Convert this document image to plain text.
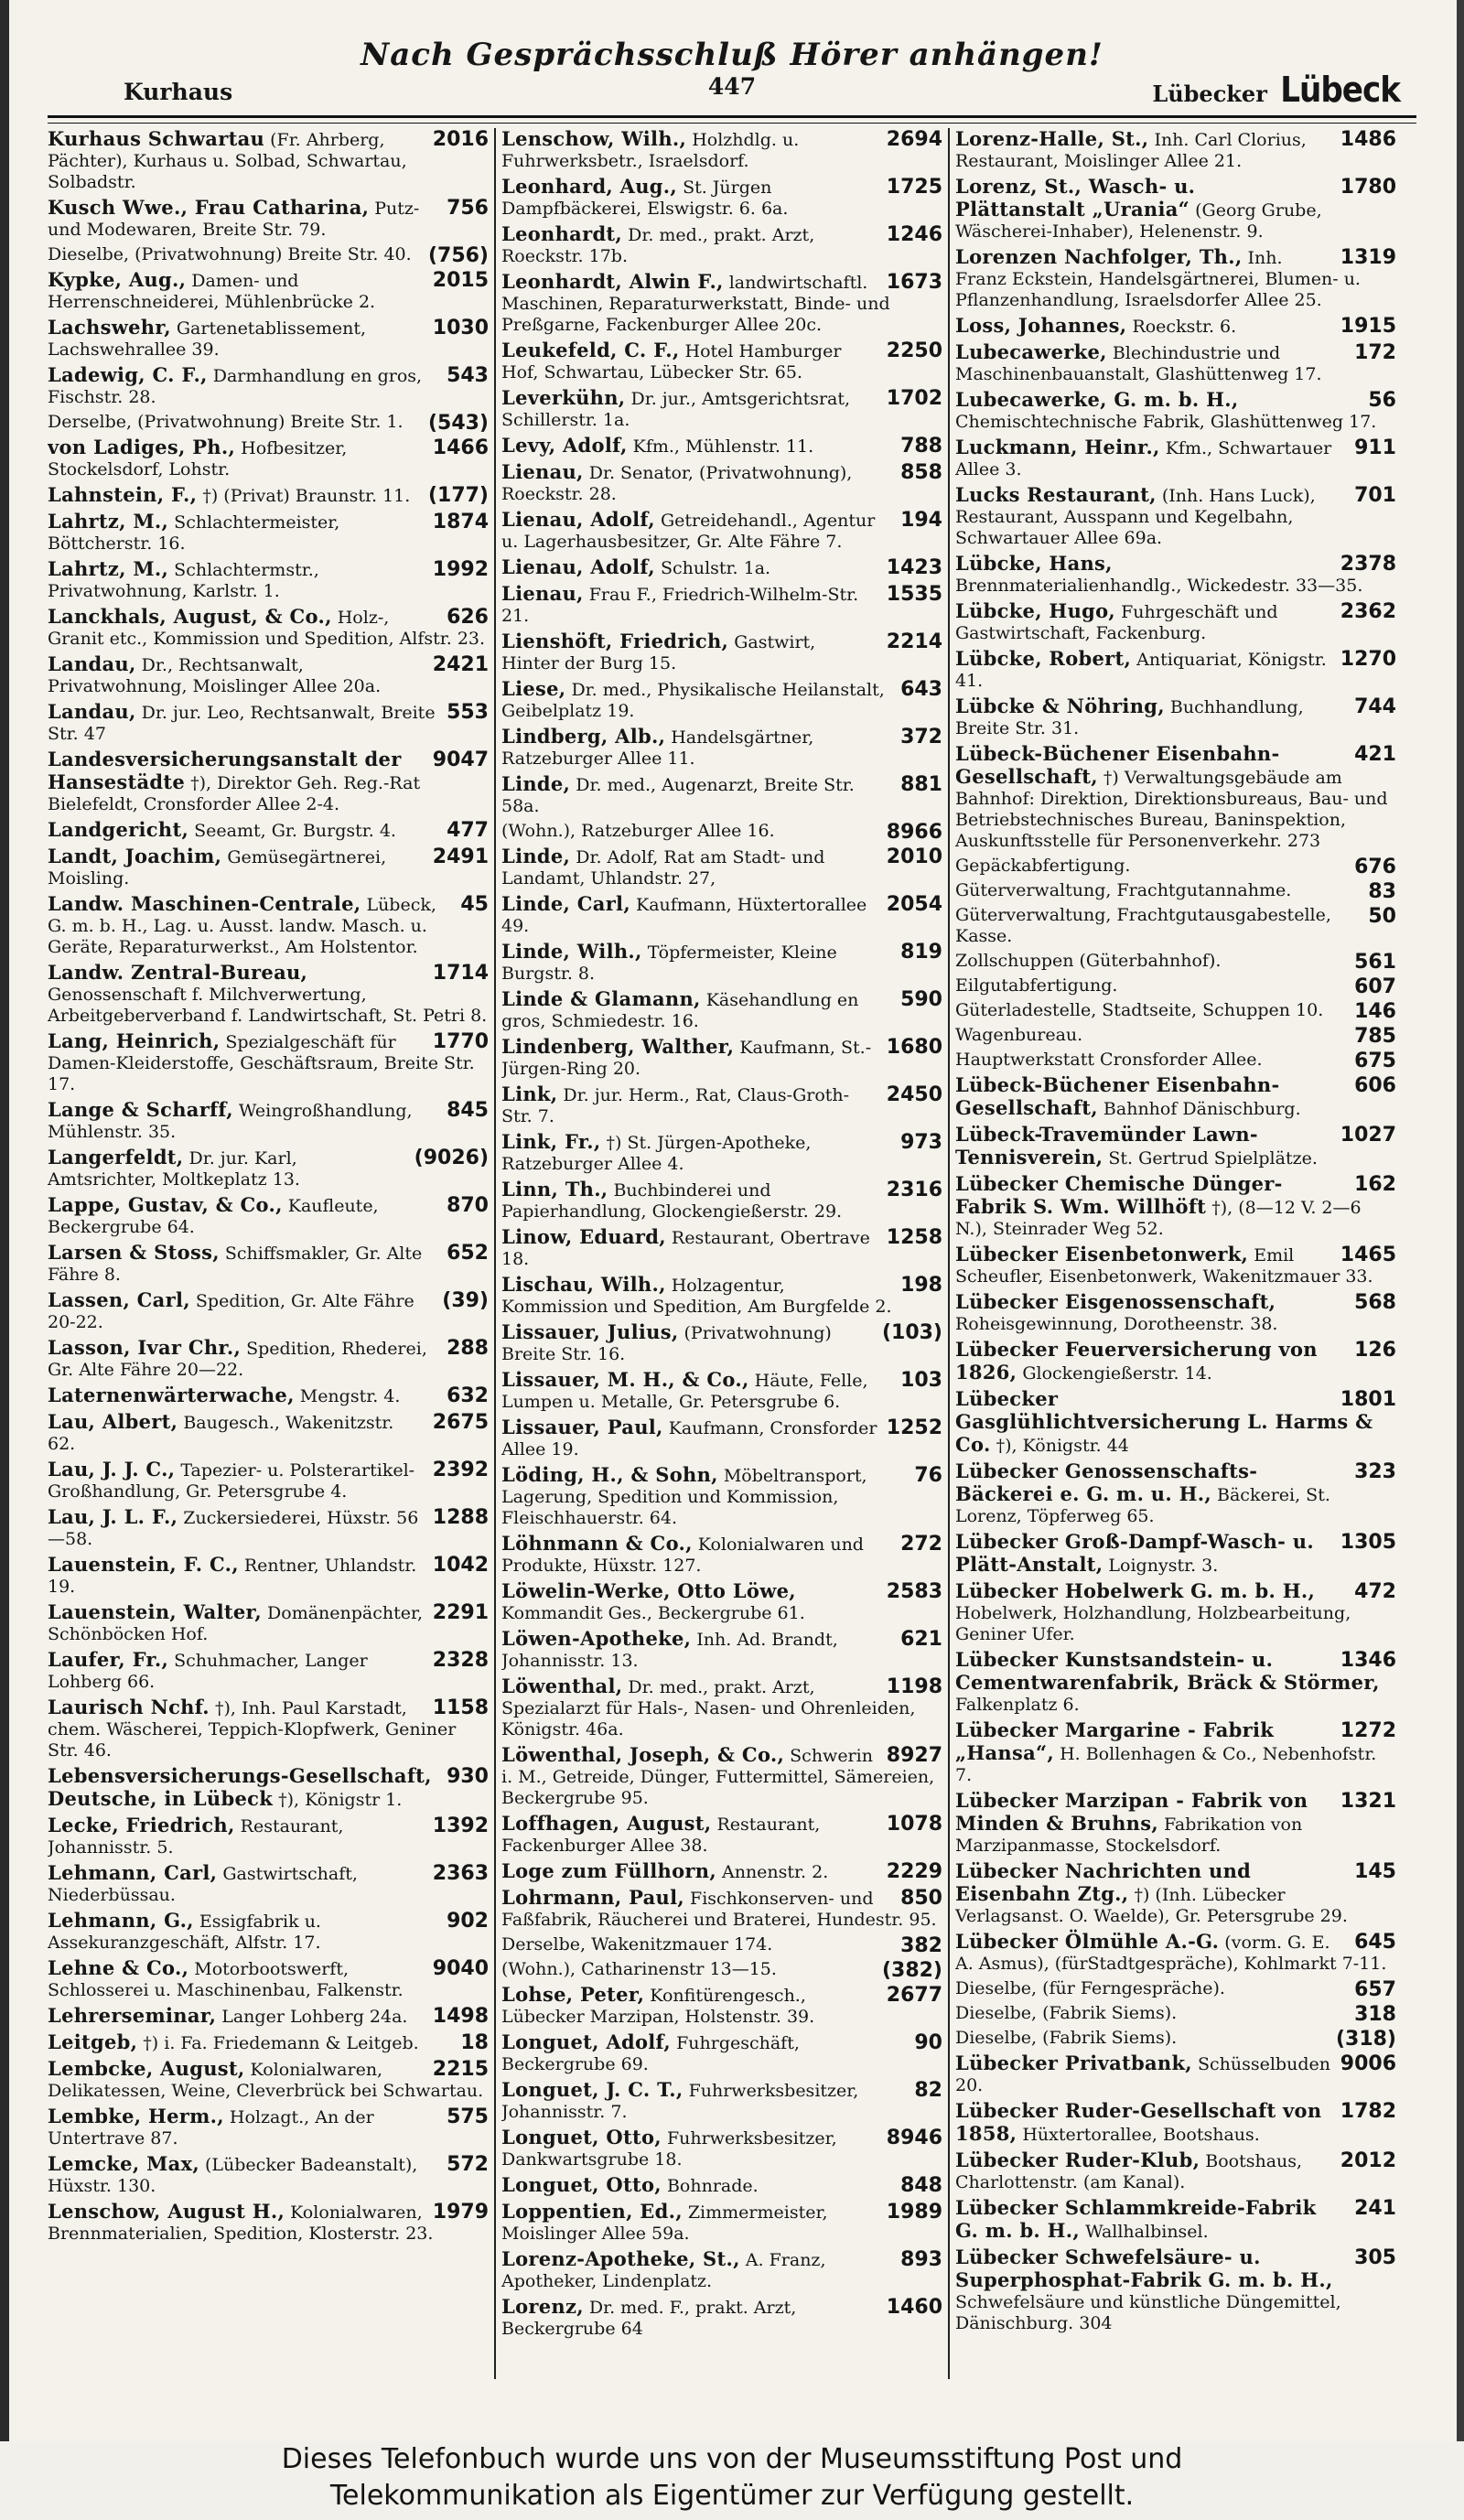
Nach Gesprächsschluß Hörer anhängen!
Kurhaus	447	Lübecker Lübeck
2016
Kurhaus Schwartau (Fr. Ahrberg, Pächter), Kurhaus u. Solbad, Schwartau, Solbadstr.
756
Kusch Wwe., Frau Catharina, Putz- und Modewaren, Breite Str. 79.
(756)
Dieselbe, (Privatwohnung) Breite Str. 40.
2015
Kypke, Aug., Damen- und Herrenschneiderei, Mühlenbrücke 2.
1030
Lachswehr, Gartenetablissement, Lachswehrallee 39.
543
Ladewig, C. F., Darmhandlung en gros, Fischstr. 28.
(543)
Derselbe, (Privatwohnung) Breite Str. 1.
1466
von Ladiges, Ph., Hofbesitzer, Stockelsdorf, Lohstr.
(177)
Lahnstein, F., †) (Privat) Braunstr. 11.
1874
Lahrtz, M., Schlachtermeister, Böttcherstr. 16.
1992
Lahrtz, M., Schlachtermstr., Privatwohnung, Karlstr. 1.
626
Lanckhals, August, & Co., Holz-, Granit etc., Kommission und Spedition, Alfstr. 23.
2421
Landau, Dr., Rechtsanwalt, Privatwohnung, Moislinger Allee 20a.
553
Landau, Dr. jur. Leo, Rechtsanwalt, Breite Str. 47
9047
Landesversicherungsanstalt der Hansestädte †), Direktor Geh. Reg.-Rat Bielefeldt, Cronsforder Allee 2-4.
477
Landgericht, Seeamt, Gr. Burgstr. 4.
2491
Landt, Joachim, Gemüsegärtnerei, Moisling.
45
Landw. Maschinen-Centrale, Lübeck, G. m. b. H., Lag. u. Ausst. landw. Masch. u. Geräte, Reparaturwerkst., Am Holstentor.
1714
Landw. Zentral-Bureau, Genossenschaft f. Milchverwertung, Arbeitgeberverband f. Landwirtschaft, St. Petri 8.
1770
Lang, Heinrich, Spezialgeschäft für Damen-Kleiderstoffe, Geschäftsraum, Breite Str. 17.
845
Lange & Scharff, Weingroßhandlung, Mühlenstr. 35.
(9026)
Langerfeldt, Dr. jur. Karl, Amtsrichter, Moltkeplatz 13.
870
Lappe, Gustav, & Co., Kaufleute, Beckergrube 64.
652
Larsen & Stoss, Schiffsmakler, Gr. Alte Fähre 8.
(39)
Lassen, Carl, Spedition, Gr. Alte Fähre 20-22.
288
Lasson, Ivar Chr., Spedition, Rhederei, Gr. Alte Fähre 20—22.
632
Laternenwärterwache, Mengstr. 4.
2675
Lau, Albert, Baugesch., Wakenitzstr. 62.
2392
Lau, J. J. C., Tapezier- u. Polsterartikel-Großhandlung, Gr. Petersgrube 4.
1288
Lau, J. L. F., Zuckersiederei, Hüxstr. 56—58.
1042
Lauenstein, F. C., Rentner, Uhlandstr. 19.
2291
Lauenstein, Walter, Domänenpächter, Schönböcken Hof.
2328
Laufer, Fr., Schuhmacher, Langer Lohberg 66.
1158
Laurisch Nchf. †), Inh. Paul Karstadt, chem. Wäscherei, Teppich-Klopfwerk, Geniner Str. 46.
930
Lebensversicherungs-Gesellschaft, Deutsche, in Lübeck †), Königstr 1.
1392
Lecke, Friedrich, Restaurant, Johannisstr. 5.
2363
Lehmann, Carl, Gastwirtschaft, Niederbüssau.
902
Lehmann, G., Essigfabrik u. Assekuranzgeschäft, Alfstr. 17.
9040
Lehne & Co., Motorbootswerft, Schlosserei u. Maschinenbau, Falkenstr.
1498
Lehrerseminar, Langer Lohberg 24a.
18
Leitgeb, †) i. Fa. Friedemann & Leitgeb.
2215
Lembcke, August, Kolonialwaren, Delikatessen, Weine, Cleverbrück bei Schwartau.
575
Lembke, Herm., Holzagt., An der Untertrave 87.
572
Lemcke, Max, (Lübecker Badeanstalt), Hüxstr. 130.
1979
Lenschow, August H., Kolonialwaren, Brennmaterialien, Spedition, Klosterstr. 23.
2694
Lenschow, Wilh., Holzhdlg. u. Fuhrwerksbetr., Israelsdorf.
1725
Leonhard, Aug., St. Jürgen Dampfbäckerei, Elswigstr. 6. 6a.
1246
Leonhardt, Dr. med., prakt. Arzt, Roeckstr. 17b.
1673
Leonhardt, Alwin F., landwirtschaftl. Maschinen, Reparaturwerkstatt, Binde- und Preßgarne, Fackenburger Allee 20c.
2250
Leukefeld, C. F., Hotel Hamburger Hof, Schwartau, Lübecker Str. 65.
1702
Leverkühn, Dr. jur., Amtsgerichtsrat, Schillerstr. 1a.
788
Levy, Adolf, Kfm., Mühlenstr. 11.
858
Lienau, Dr. Senator, (Privatwohnung), Roeckstr. 28.
194
Lienau, Adolf, Getreidehandl., Agentur u. Lagerhausbesitzer, Gr. Alte Fähre 7.
1423
Lienau, Adolf, Schulstr. 1a.
1535
Lienau, Frau F., Friedrich-Wilhelm-Str. 21.
2214
Lienshöft, Friedrich, Gastwirt, Hinter der Burg 15.
643
Liese, Dr. med., Physikalische Heilanstalt, Geibelplatz 19.
372
Lindberg, Alb., Handelsgärtner, Ratzeburger Allee 11.
881
Linde, Dr. med., Augenarzt, Breite Str. 58a.
8966
(Wohn.), Ratzeburger Allee 16.
2010
Linde, Dr. Adolf, Rat am Stadt- und Landamt, Uhlandstr. 27,
2054
Linde, Carl, Kaufmann, Hüxtertorallee 49.
819
Linde, Wilh., Töpfermeister, Kleine Burgstr. 8.
590
Linde & Glamann, Käsehandlung en gros, Schmiedestr. 16.
1680
Lindenberg, Walther, Kaufmann, St.-Jürgen-Ring 20.
2450
Link, Dr. jur. Herm., Rat, Claus-Groth-Str. 7.
973
Link, Fr., †) St. Jürgen-Apotheke, Ratzeburger Allee 4.
2316
Linn, Th., Buchbinderei und Papierhandlung, Glockengießerstr. 29.
1258
Linow, Eduard, Restaurant, Obertrave 18.
198
Lischau, Wilh., Holzagentur, Kommission und Spedition, Am Burgfelde 2.
(103)
Lissauer, Julius, (Privatwohnung) Breite Str. 16.
103
Lissauer, M. H., & Co., Häute, Felle, Lumpen u. Metalle, Gr. Petersgrube 6.
1252
Lissauer, Paul, Kaufmann, Cronsforder Allee 19.
76
Löding, H., & Sohn, Möbeltransport, Lagerung, Spedition und Kommission, Fleischhauerstr. 64.
272
Löhnmann & Co., Kolonialwaren und Produkte, Hüxstr. 127.
2583
Löwelin-Werke, Otto Löwe, Kommandit Ges., Beckergrube 61.
621
Löwen-Apotheke, Inh. Ad. Brandt, Johannisstr. 13.
1198
Löwenthal, Dr. med., prakt. Arzt, Spezialarzt für Hals-, Nasen- und Ohrenleiden, Königstr. 46a.
8927
Löwenthal, Joseph, & Co., Schwerin i. M., Getreide, Dünger, Futtermittel, Sämereien, Beckergrube 95.
1078
Loffhagen, August, Restaurant, Fackenburger Allee 38.
2229
Loge zum Füllhorn, Annenstr. 2.
850
Lohrmann, Paul, Fischkonserven- und Faßfabrik, Räucherei und Braterei, Hundestr. 95.
382
Derselbe, Wakenitzmauer 174.
(382)
(Wohn.), Catharinenstr 13—15.
2677
Lohse, Peter, Konfitürengesch., Lübecker Marzipan, Holstenstr. 39.
90
Longuet, Adolf, Fuhrgeschäft, Beckergrube 69.
82
Longuet, J. C. T., Fuhrwerksbesitzer, Johannisstr. 7.
8946
Longuet, Otto, Fuhrwerksbesitzer, Dankwartsgrube 18.
848
Longuet, Otto, Bohnrade.
1989
Loppentien, Ed., Zimmermeister, Moislinger Allee 59a.
893
Lorenz-Apotheke, St., A. Franz, Apotheker, Lindenplatz.
1460
Lorenz, Dr. med. F., prakt. Arzt, Beckergrube 64
1486
Lorenz-Halle, St., Inh. Carl Clorius, Restaurant, Moislinger Allee 21.
1780
Lorenz, St., Wasch- u. Plättanstalt „Urania“ (Georg Grube, Wäscherei-Inhaber), Helenenstr. 9.
1319
Lorenzen Nachfolger, Th., Inh. Franz Eckstein, Handelsgärtnerei, Blumen- u. Pflanzenhandlung, Israelsdorfer Allee 25.
1915
Loss, Johannes, Roeckstr. 6.
172
Lubecawerke, Blechindustrie und Maschinenbauanstalt, Glashüttenweg 17.
56
Lubecawerke, G. m. b. H., Chemischtechnische Fabrik, Glashüttenweg 17.
911
Luckmann, Heinr., Kfm., Schwartauer Allee 3.
701
Lucks Restaurant, (Inh. Hans Luck), Restaurant, Ausspann und Kegelbahn, Schwartauer Allee 69a.
2378
Lübcke, Hans, Brennmaterialienhandlg., Wickedestr. 33—35.
2362
Lübcke, Hugo, Fuhrgeschäft und Gastwirtschaft, Fackenburg.
1270
Lübcke, Robert, Antiquariat, Königstr. 41.
744
Lübcke & Nöhring, Buchhandlung, Breite Str. 31.
421
Lübeck-Büchener Eisenbahn-Gesellschaft, †) Verwaltungsgebäude am Bahnhof: Direktion, Direktionsbureaus, Bau- und Betriebstechnisches Bureau, Baninspektion, Auskunftsstelle für Personenverkehr. 273
676
Gepäckabfertigung.
83
Güterverwaltung, Frachtgutannahme.
50
Güterverwaltung, Frachtgutausgabestelle, Kasse.
561
Zollschuppen (Güterbahnhof).
607
Eilgutabfertigung.
146
Güterladestelle, Stadtseite, Schuppen 10.
785
Wagenbureau.
675
Hauptwerkstatt Cronsforder Allee.
606
Lübeck-Büchener Eisenbahn-Gesellschaft, Bahnhof Dänischburg.
1027
Lübeck-Travemünder Lawn-Tennisverein, St. Gertrud Spielplätze.
162
Lübecker Chemische Dünger-Fabrik S. Wm. Willhöft †), (8—12 V. 2—6 N.), Steinrader Weg 52.
1465
Lübecker Eisenbetonwerk, Emil Scheufler, Eisenbetonwerk, Wakenitzmauer 33.
568
Lübecker Eisgenossenschaft, Roheisgewinnung, Dorotheenstr. 38.
126
Lübecker Feuerversicherung von 1826, Glockengießerstr. 14.
1801
Lübecker Gasglühlichtversicherung L. Harms & Co. †), Königstr. 44
323
Lübecker Genossenschafts-Bäckerei e. G. m. u. H., Bäckerei, St. Lorenz, Töpferweg 65.
1305
Lübecker Groß-Dampf-Wasch- u. Plätt-Anstalt, Loignystr. 3.
472
Lübecker Hobelwerk G. m. b. H., Hobelwerk, Holzhandlung, Holzbearbeitung, Geniner Ufer.
1346
Lübecker Kunstsandstein- u. Cementwarenfabrik, Bräck & Störmer, Falkenplatz 6.
1272
Lübecker Margarine - Fabrik „Hansa“, H. Bollenhagen & Co., Nebenhofstr. 7.
1321
Lübecker Marzipan - Fabrik von Minden & Bruhns, Fabrikation von Marzipanmasse, Stockelsdorf.
145
Lübecker Nachrichten und Eisenbahn Ztg., †) (Inh. Lübecker Verlagsanst. O. Waelde), Gr. Petersgrube 29.
645
Lübecker Ölmühle A.-G. (vorm. G. E. A. Asmus), (fürStadtgespräche), Kohlmarkt 7-11.
657
Dieselbe, (für Ferngespräche).
318
Dieselbe, (Fabrik Siems).
(318)
Dieselbe, (Fabrik Siems).
9006
Lübecker Privatbank, Schüsselbuden 20.
1782
Lübecker Ruder-Gesellschaft von 1858, Hüxtertorallee, Bootshaus.
2012
Lübecker Ruder-Klub, Bootshaus, Charlottenstr. (am Kanal).
241
Lübecker Schlammkreide-Fabrik G. m. b. H., Wallhalbinsel.
305
Lübecker Schwefelsäure- u. Superphosphat-Fabrik G. m. b. H., Schwefelsäure und künstliche Düngemittel, Dänischburg. 304
Dieses Telefonbuch wurde uns von der Museumsstiftung Post und
Telekommunikation als Eigentümer zur Verfügung gestellt.
